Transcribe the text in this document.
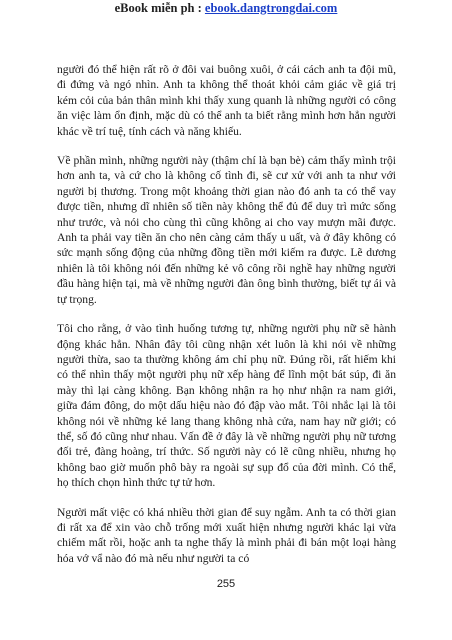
eBook miễn ph : ebook.dangtrongdai.com

người đó thể hiện rất rõ ở đôi vai buông xuôi, ở cái cách anh ta đội mũ, đi đứng và ngó nhìn. Anh ta không thể thoát khỏi cảm giác về giá trị kém cỏi của bản thân mình khi thấy xung quanh là những người có công ăn việc làm ổn định, mặc dù có thể anh ta biết rằng mình hơn hẳn người khác về trí tuệ, tính cách và năng khiếu.

Về phần mình, những người này (thậm chí là bạn bè) cảm thấy mình trội hơn anh ta, và cứ cho là không cố tình đi, sẽ cư xử với anh ta như với người bị thương. Trong một khoảng thời gian nào đó anh ta có thể vay được tiền, nhưng dĩ nhiên số tiền này không thể đủ để duy trì mức sống như trước, và nói cho cùng thì cũng không ai cho vay mượn mãi được. Anh ta phải vay tiền ăn cho nên càng cảm thấy u uất, và ở đây không có sức mạnh sống động của những đồng tiền mới kiếm ra được. Lẽ dương nhiên là tôi không nói đến những kẻ vô công rồi nghề hay những người đầu hàng hiện tại, mà về những người đàn ông bình thường, biết tự ái và tự trọng.

Tôi cho rằng, ở vào tình huống tương tự, những người phụ nữ sẽ hành động khác hẳn. Nhân đây tôi cũng nhận xét luôn là khi nói về những người thừa, sao ta thường không ám chỉ phụ nữ. Đúng rồi, rất hiếm khi có thể nhìn thấy một người phụ nữ xếp hàng để lĩnh một bát súp, đi ăn mày thì lại càng không. Bạn không nhận ra họ như nhận ra nam giới, giữa đám đông, do một dấu hiệu nào đó đập vào mắt. Tôi nhắc lại là tôi không nói về những kẻ lang thang không nhà cửa, nam hay nữ giới; có thể, số đó cũng như nhau. Vấn đề ở đây là về những người phụ nữ tương đối trẻ, đàng hoàng, trí thức. Số người này có lẽ cũng nhiều, nhưng họ không bao giờ muốn phô bày ra ngoài sự sụp đổ của đời mình. Có thể, họ thích chọn hình thức tự tử hơn.

Người mất việc có khá nhiều thời gian để suy ngẫm. Anh ta có thời gian đi rất xa để xin vào chỗ trống mới xuất hiện nhưng người khác lại vừa chiếm mất rồi, hoặc anh ta nghe thấy là mình phải đi bán một loại hàng hóa vớ vẩ nào đó mà nếu như người ta có

255
